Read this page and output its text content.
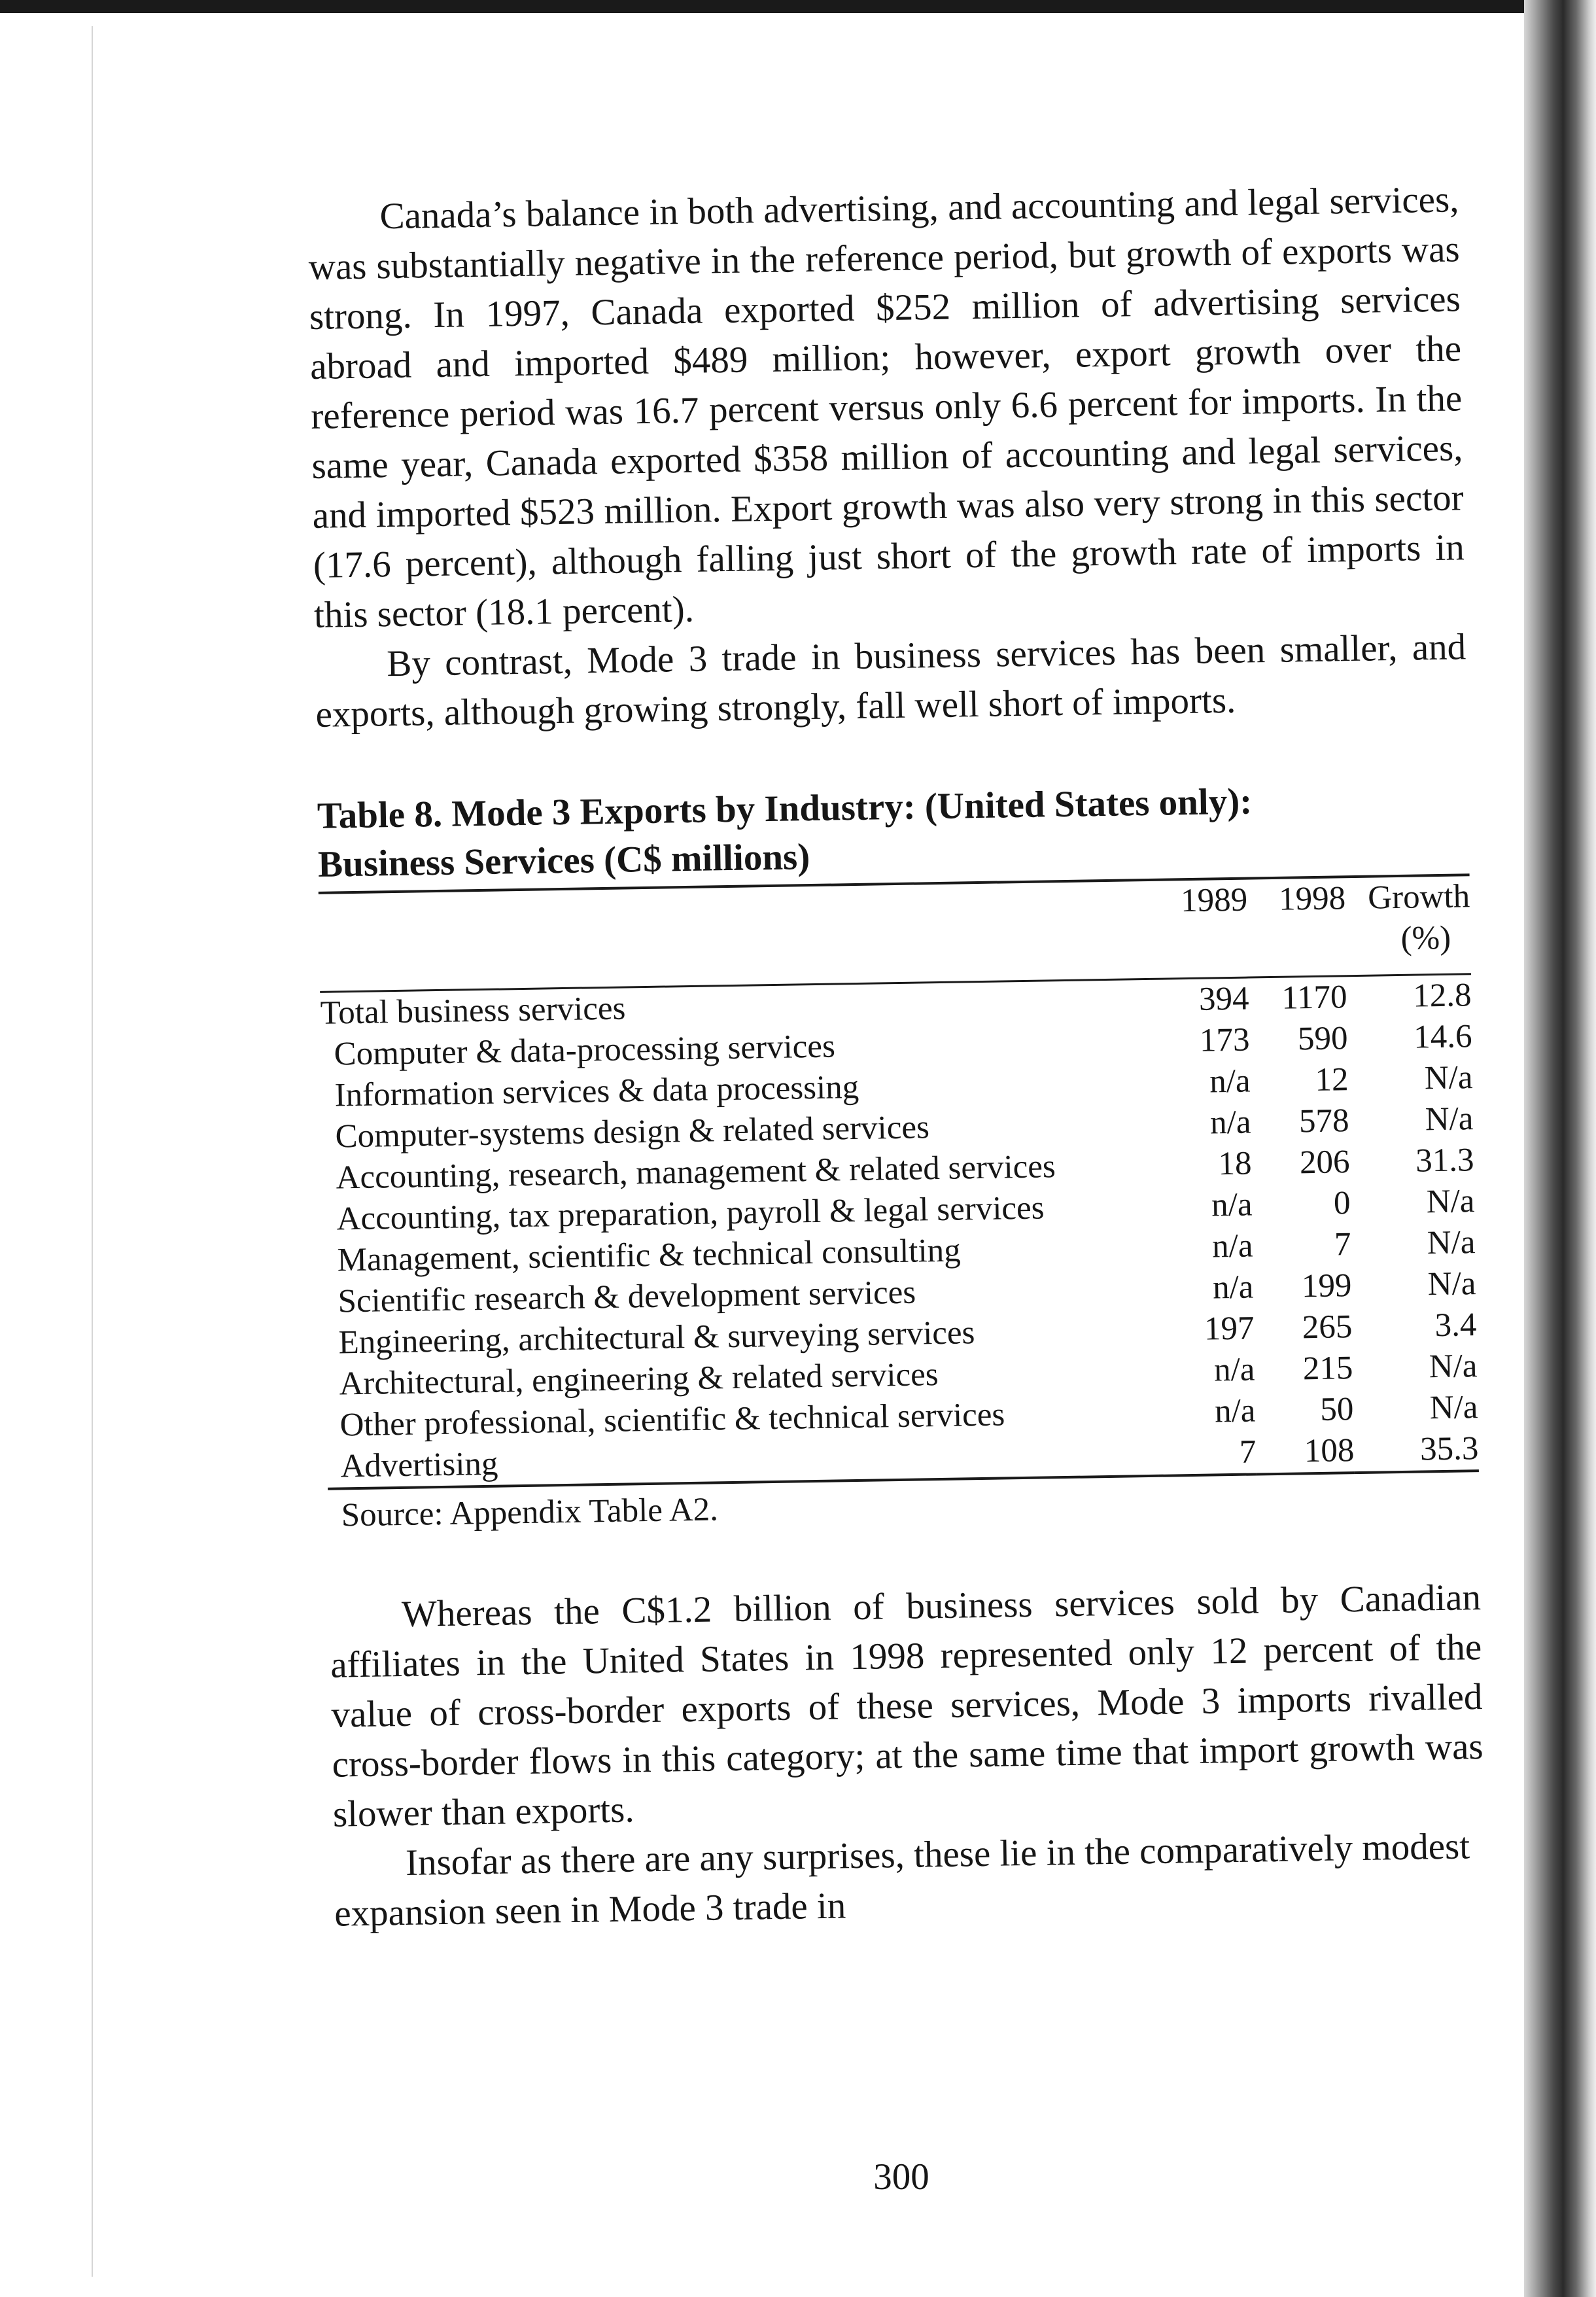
Canada’s balance in both advertising, and accounting and legal services, was substantially negative in the reference period, but growth of exports was strong. In 1997, Canada exported $252 million of advertising services abroad and imported $489 million; however, export growth over the reference period was 16.7 percent versus only 6.6 percent for imports. In the same year, Canada exported $358 million of accounting and legal services, and imported $523 million. Export growth was also very strong in this sector (17.6 percent), although falling just short of the growth rate of imports in this sector (18.1 percent).

By contrast, Mode 3 trade in business services has been smaller, and exports, although growing strongly, fall well short of imports.

Table 8. Mode 3 Exports by Industry: (United States only):

Business Services (C$ millions)

	1989	1998	Growth
(%)

Total business services	394	1170	12.8
Computer & data-processing services	173	590	14.6
Information services & data processing	n/a	12	N/a
Computer-systems design & related services	n/a	578	N/a
Accounting, research, management & related services	18	206	31.3
Accounting, tax preparation, payroll & legal services	n/a	0	N/a
Management, scientific & technical consulting	n/a	7	N/a
Scientific research & development services	n/a	199	N/a
Engineering, architectural & surveying services	197	265	3.4
Architectural, engineering & related services	n/a	215	N/a
Other professional, scientific & technical services	n/a	50	N/a
Advertising	7	108	35.3

Source: Appendix Table A2.

Whereas the C$1.2 billion of business services sold by Canadian affiliates in the United States in 1998 represented only 12 percent of the value of cross-border exports of these services, Mode 3 imports rivalled cross-border flows in this category; at the same time that import growth was slower than exports.

Insofar as there are any surprises, these lie in the comparatively modest expansion seen in Mode 3 trade in

300
